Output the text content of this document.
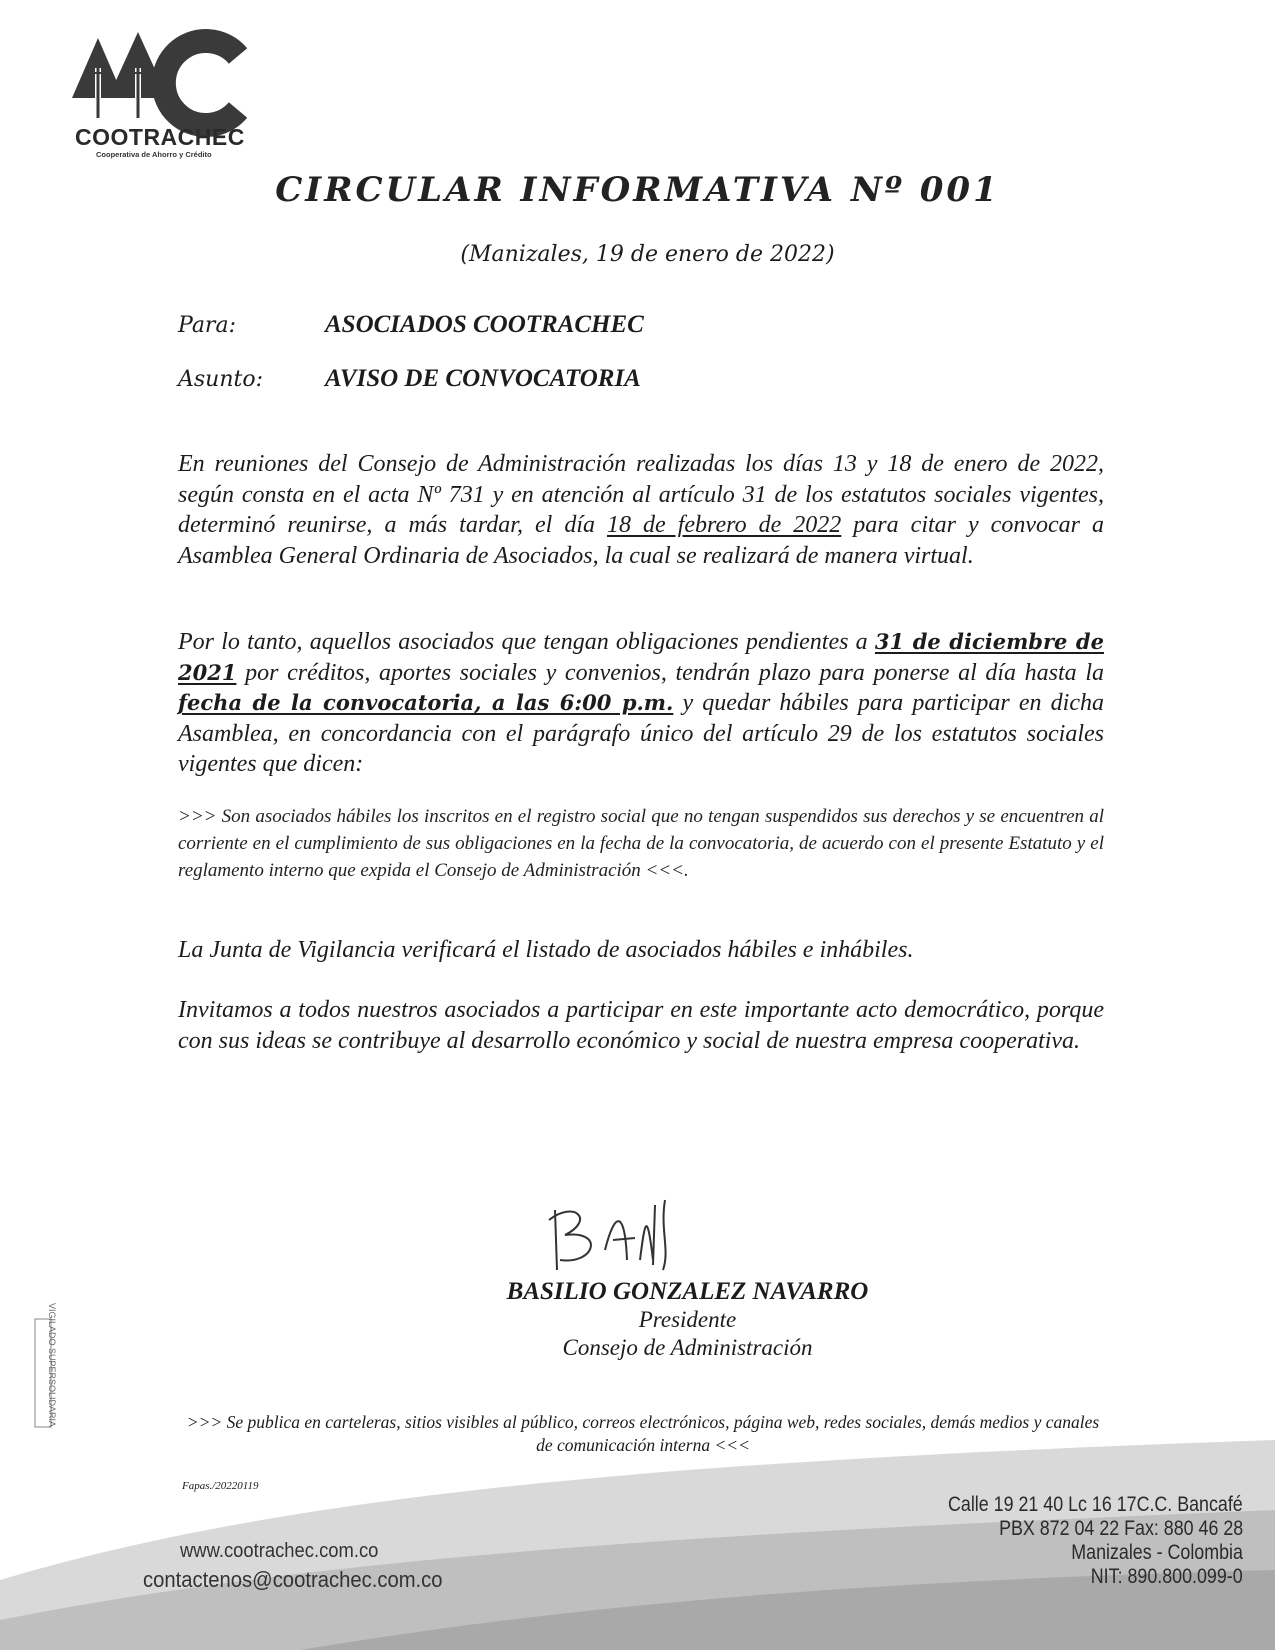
COOTRACHEC
Cooperativa de Ahorro y Crédito
CIRCULAR INFORMATIVA Nº 001
(Manizales, 19 de enero de 2022)
Para:	ASOCIADOS COOTRACHEC
Asunto: AVISO DE CONVOCATORIA
En reuniones del Consejo de Administración realizadas los días 13 y 18 de enero de 2022, según consta en el acta Nº 731 y en atención al artículo 31 de los estatutos sociales vigentes, determinó reunirse, a más tardar, el día 18 de febrero de 2022 para citar y convocar a Asamblea General Ordinaria de Asociados, la cual se realizará de manera virtual.
Por lo tanto, aquellos asociados que tengan obligaciones pendientes a 31 de diciembre de 2021 por créditos, aportes sociales y convenios, tendrán plazo para ponerse al día hasta la fecha de la convocatoria, a las 6:00 p.m. y quedar hábiles para participar en dicha Asamblea, en concordancia con el parágrafo único del artículo 29 de los estatutos sociales vigentes que dicen:
>>> Son asociados hábiles los inscritos en el registro social que no tengan suspendidos sus derechos y se encuentren al corriente en el cumplimiento de sus obligaciones en la fecha de la convocatoria, de acuerdo con el presente Estatuto y el reglamento interno que expida el Consejo de Administración <<<.
La Junta de Vigilancia verificará el listado de asociados hábiles e inhábiles.
Invitamos a todos nuestros asociados a participar en este importante acto democrático, porque con sus ideas se contribuye al desarrollo económico y social de nuestra empresa cooperativa.
BASILIO GONZALEZ NAVARRO
Presidente
Consejo de Administración
>>> Se publica en carteleras, sitios visibles al público, correos electrónicos, página web, redes sociales, demás medios y canales de comunicación interna <<<
Fapas./20220119
www.cootrachec.com.co
contactenos@cootrachec.com.co
Calle 19 21 40 Lc 16 17C.C. Bancafé
PBX 872 04 22 Fax: 880 46 28
Manizales - Colombia
NIT: 890.800.099-0
VIGILADO SUPERSOLIDARIA
